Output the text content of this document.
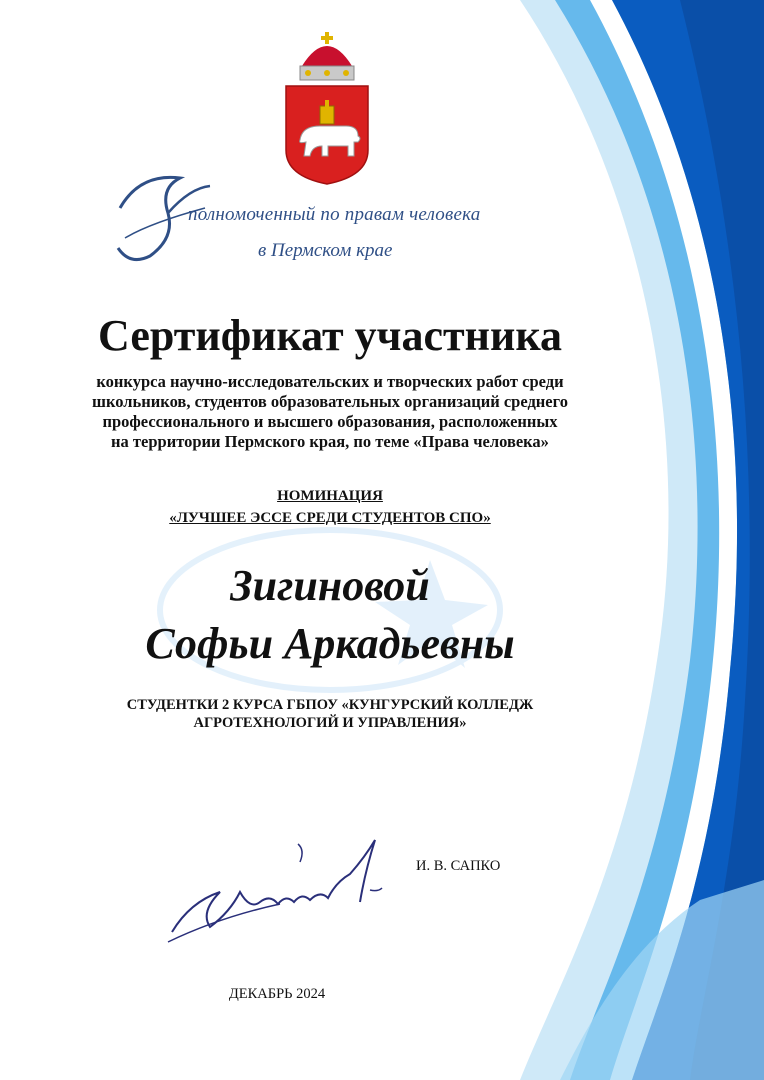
полномоченный по правам человека
в Пермском крае
Сертификат участника
конкурса научно-исследовательских и творческих работ среди
школьников, студентов образовательных организаций среднего
профессионального и высшего образования, расположенных
на территории Пермского края, по теме «Права человека»
НОМИНАЦИЯ
«ЛУЧШЕЕ ЭССЕ СРЕДИ СТУДЕНТОВ СПО»
Зигиновой
Софьи Аркадьевны
СТУДЕНТКИ 2 КУРСА ГБПОУ «КУНГУРСКИЙ КОЛЛЕДЖ
АГРОТЕХНОЛОГИЙ И УПРАВЛЕНИЯ»
И. В. САПКО
ДЕКАБРЬ 2024
